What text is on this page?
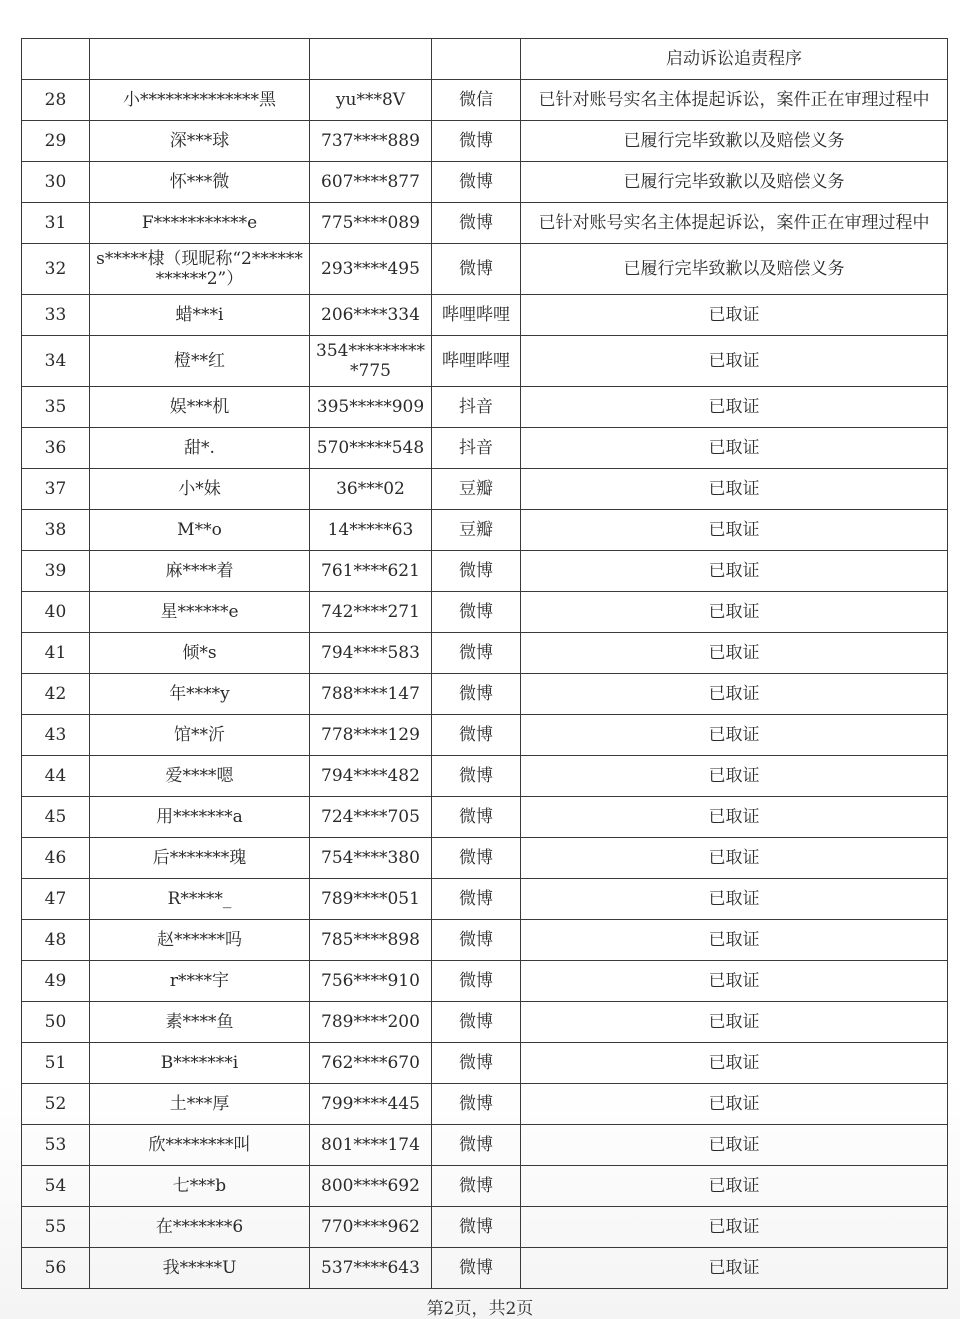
				启动诉讼追责程序
28	小**************黑	yu***8V	微信	已针对账号实名主体提起诉讼，案件正在审理过程中
29	深***球	737****889	微博	已履行完毕致歉以及赔偿义务
30	怀***微	607****877	微博	已履行完毕致歉以及赔偿义务
31	F***********e	775****089	微博	已针对账号实名主体提起诉讼，案件正在审理过程中
32	s*****棣（现昵称“2************2”）	293****495	微博	已履行完毕致歉以及赔偿义务
33	蜡***i	206****334	哔哩哔哩	已取证
34	橙**红	354**********775	哔哩哔哩	已取证
35	娱***机	395*****909	抖音	已取证
36	甜*.	570*****548	抖音	已取证
37	小*妹	36***02	豆瓣	已取证
38	M**o	14*****63	豆瓣	已取证
39	麻****着	761****621	微博	已取证
40	星******e	742****271	微博	已取证
41	倾*s	794****583	微博	已取证
42	年****y	788****147	微博	已取证
43	馆**沂	778****129	微博	已取证
44	爱****嗯	794****482	微博	已取证
45	用*******a	724****705	微博	已取证
46	后*******瑰	754****380	微博	已取证
47	R*****_	789****051	微博	已取证
48	赵******吗	785****898	微博	已取证
49	r****宇	756****910	微博	已取证
50	素****鱼	789****200	微博	已取证
51	B*******i	762****670	微博	已取证
52	土***厚	799****445	微博	已取证
53	欣********叫	801****174	微博	已取证
54	七***b	800****692	微博	已取证
55	在*******6	770****962	微博	已取证
56	我*****U	537****643	微博	已取证
第2页，共2页
